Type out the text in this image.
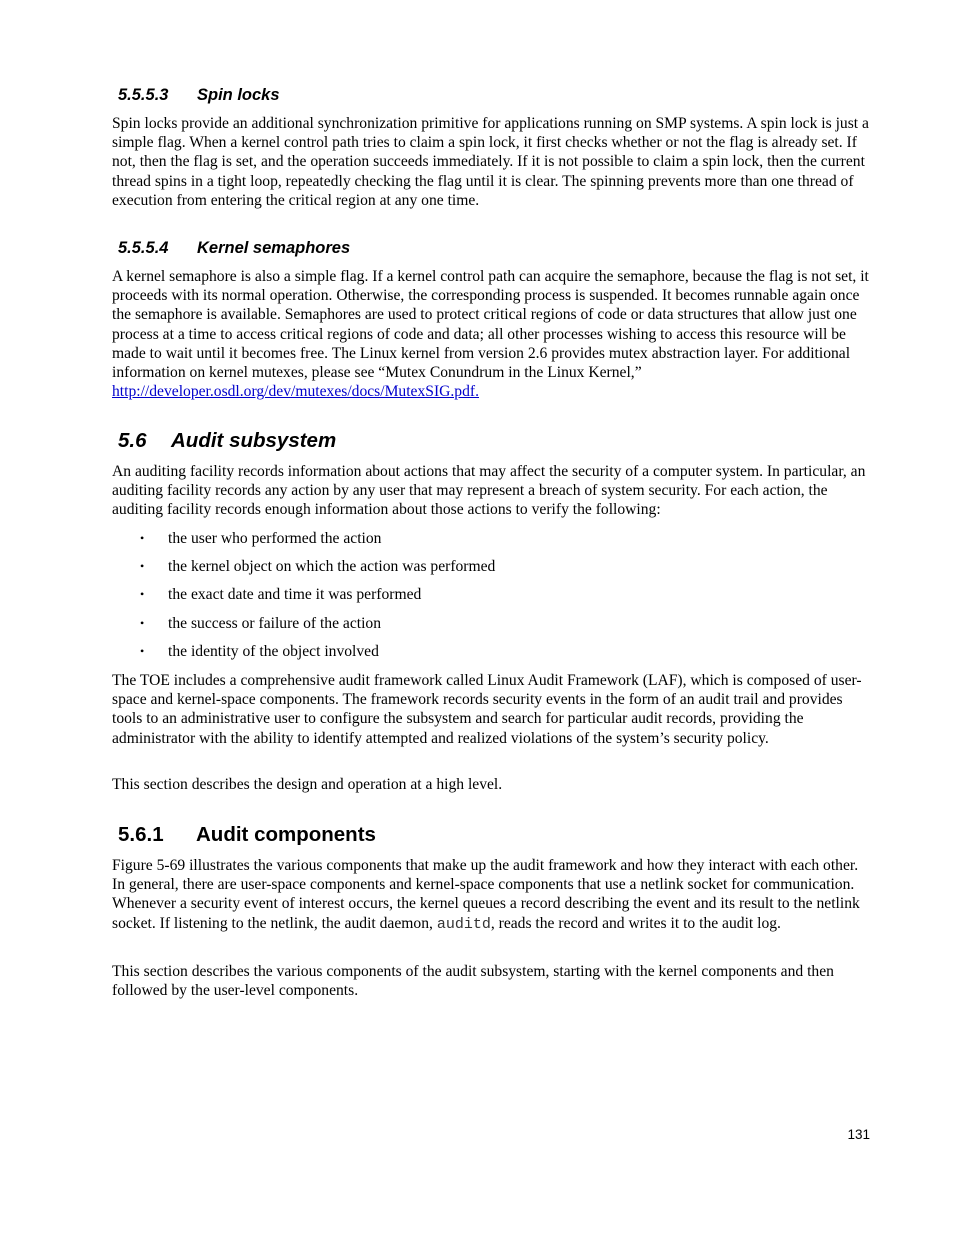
5.5.5.3 Spin locks

Spin locks provide an additional synchronization primitive for applications running on SMP systems. A spin lock is just a simple flag. When a kernel control path tries to claim a spin lock, it first checks whether or not the flag is already set. If not, then the flag is set, and the operation succeeds immediately. If it is not possible to claim a spin lock, then the current thread spins in a tight loop, repeatedly checking the flag until it is clear. The spinning prevents more than one thread of execution from entering the critical region at any one time.

5.5.5.4 Kernel semaphores

A kernel semaphore is also a simple flag. If a kernel control path can acquire the semaphore, because the flag is not set, it proceeds with its normal operation. Otherwise, the corresponding process is suspended. It becomes runnable again once the semaphore is available. Semaphores are used to protect critical regions of code or data structures that allow just one process at a time to access critical regions of code and data; all other processes wishing to access this resource will be made to wait until it becomes free. The Linux kernel from version 2.6 provides mutex abstraction layer. For additional information on kernel mutexes, please see “Mutex Conundrum in the Linux Kernel,”  http://developer.osdl.org/dev/mutexes/docs/MutexSIG.pdf.

5.6 Audit subsystem

An auditing facility records information about actions that may affect the security of a computer system. In particular, an auditing facility records any action by any user that may represent a breach of system security. For each action, the auditing facility records enough information about those actions to verify the following:

• the user who performed the action
• the kernel object on which the action was performed
• the exact date and time it was performed
• the success or failure of the action
• the identity of the object involved

The TOE includes a comprehensive audit framework called Linux Audit Framework (LAF), which is composed of user-space and kernel-space components. The framework records security events in the form of an audit trail and provides tools to an administrative user to configure the subsystem and search for particular audit records, providing the administrator with the ability to identify attempted and realized violations of the system’s security policy.

This section describes the design and operation at a high level.

5.6.1 Audit components

Figure 5-69 illustrates the various components that make up the audit framework and how they interact with each other. In general, there are user-space components and kernel-space components that use a netlink socket for communication. Whenever a security event of interest occurs, the kernel queues a record describing the event and its result to the netlink socket. If listening to the netlink, the audit daemon, auditd, reads the record and writes it to the audit log.

This section describes the various components of the audit subsystem, starting with the kernel components and then followed by the user-level components.

131
